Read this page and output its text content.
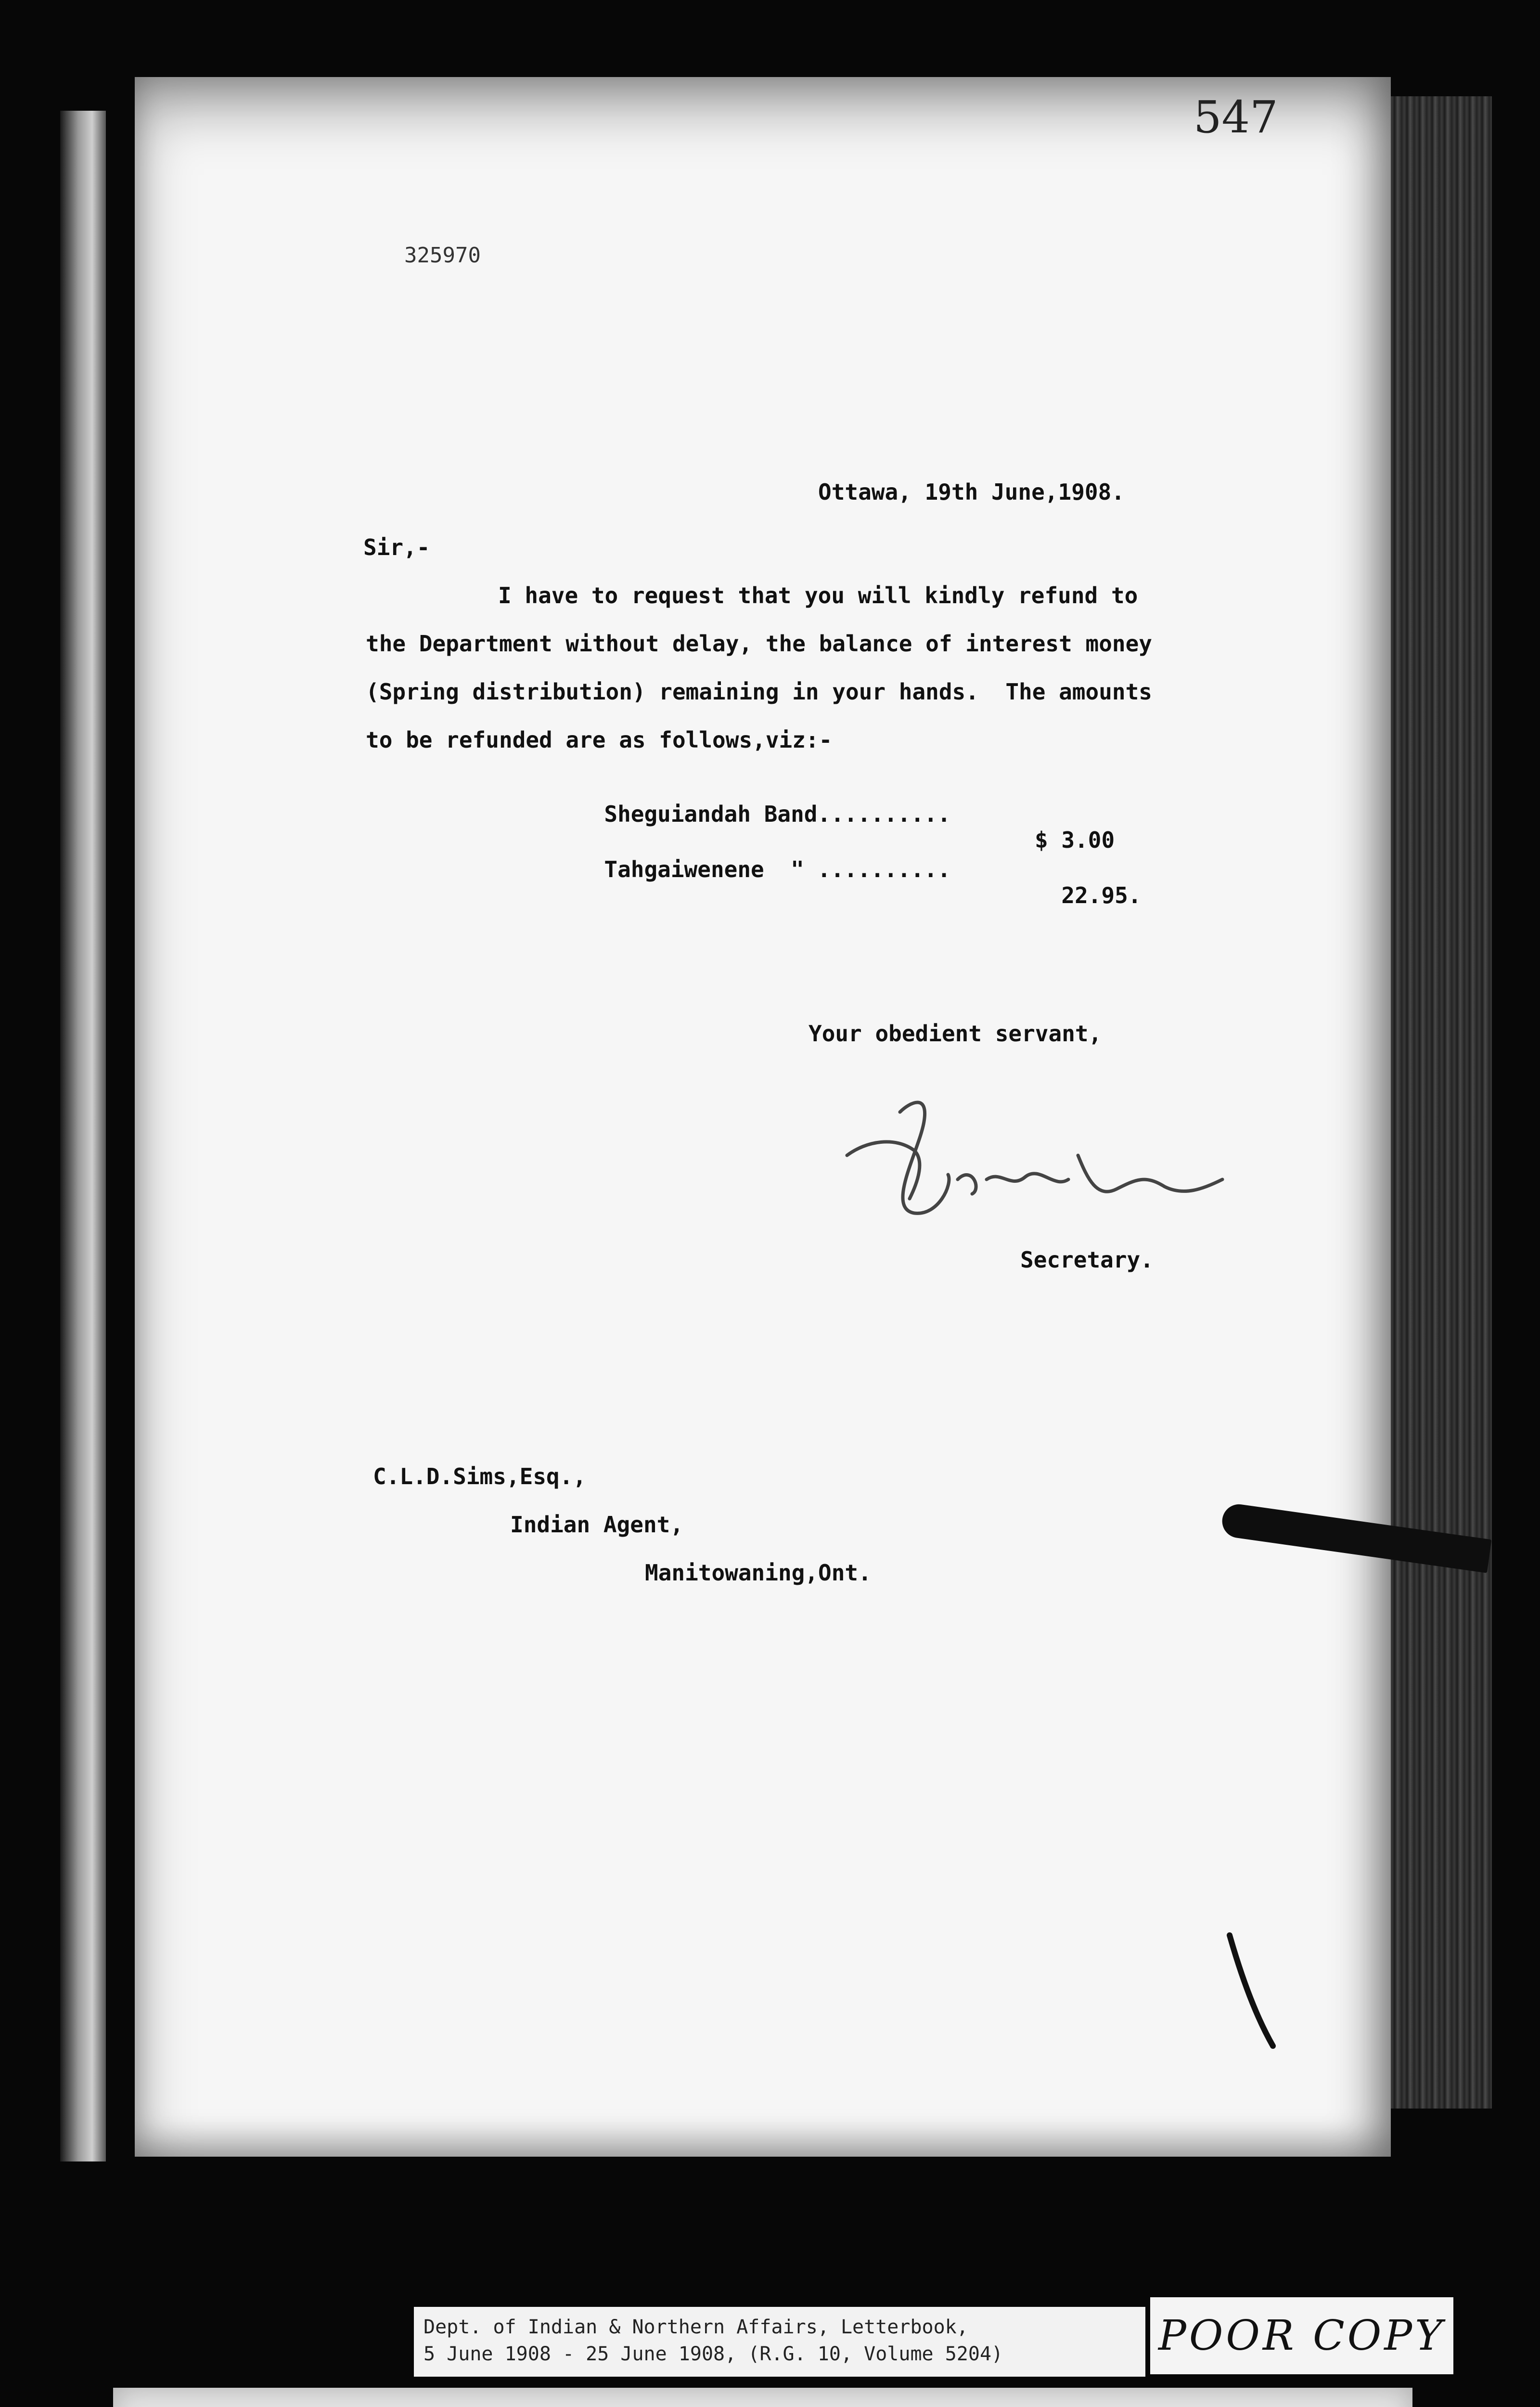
547
325970
Ottawa, 19th June,1908.
Sir,-
I have to request that you will kindly refund to
the Department without delay, the balance of interest money
(Spring distribution) remaining in your hands.  The amounts
to be refunded are as follows,viz:-

Sheguiandah Band..........

$ 3.00

Tahgaiwenene  " ..........

22.95.

Your obedient servant,
Secretary.
C.L.D.Sims,Esq.,
Indian Agent,
Manitowaning,Ont.
Dept. of Indian & Northern Affairs, Letterbook,
5 June 1908 - 25 June 1908, (R.G. 10, Volume 5204)	POOR COPY
